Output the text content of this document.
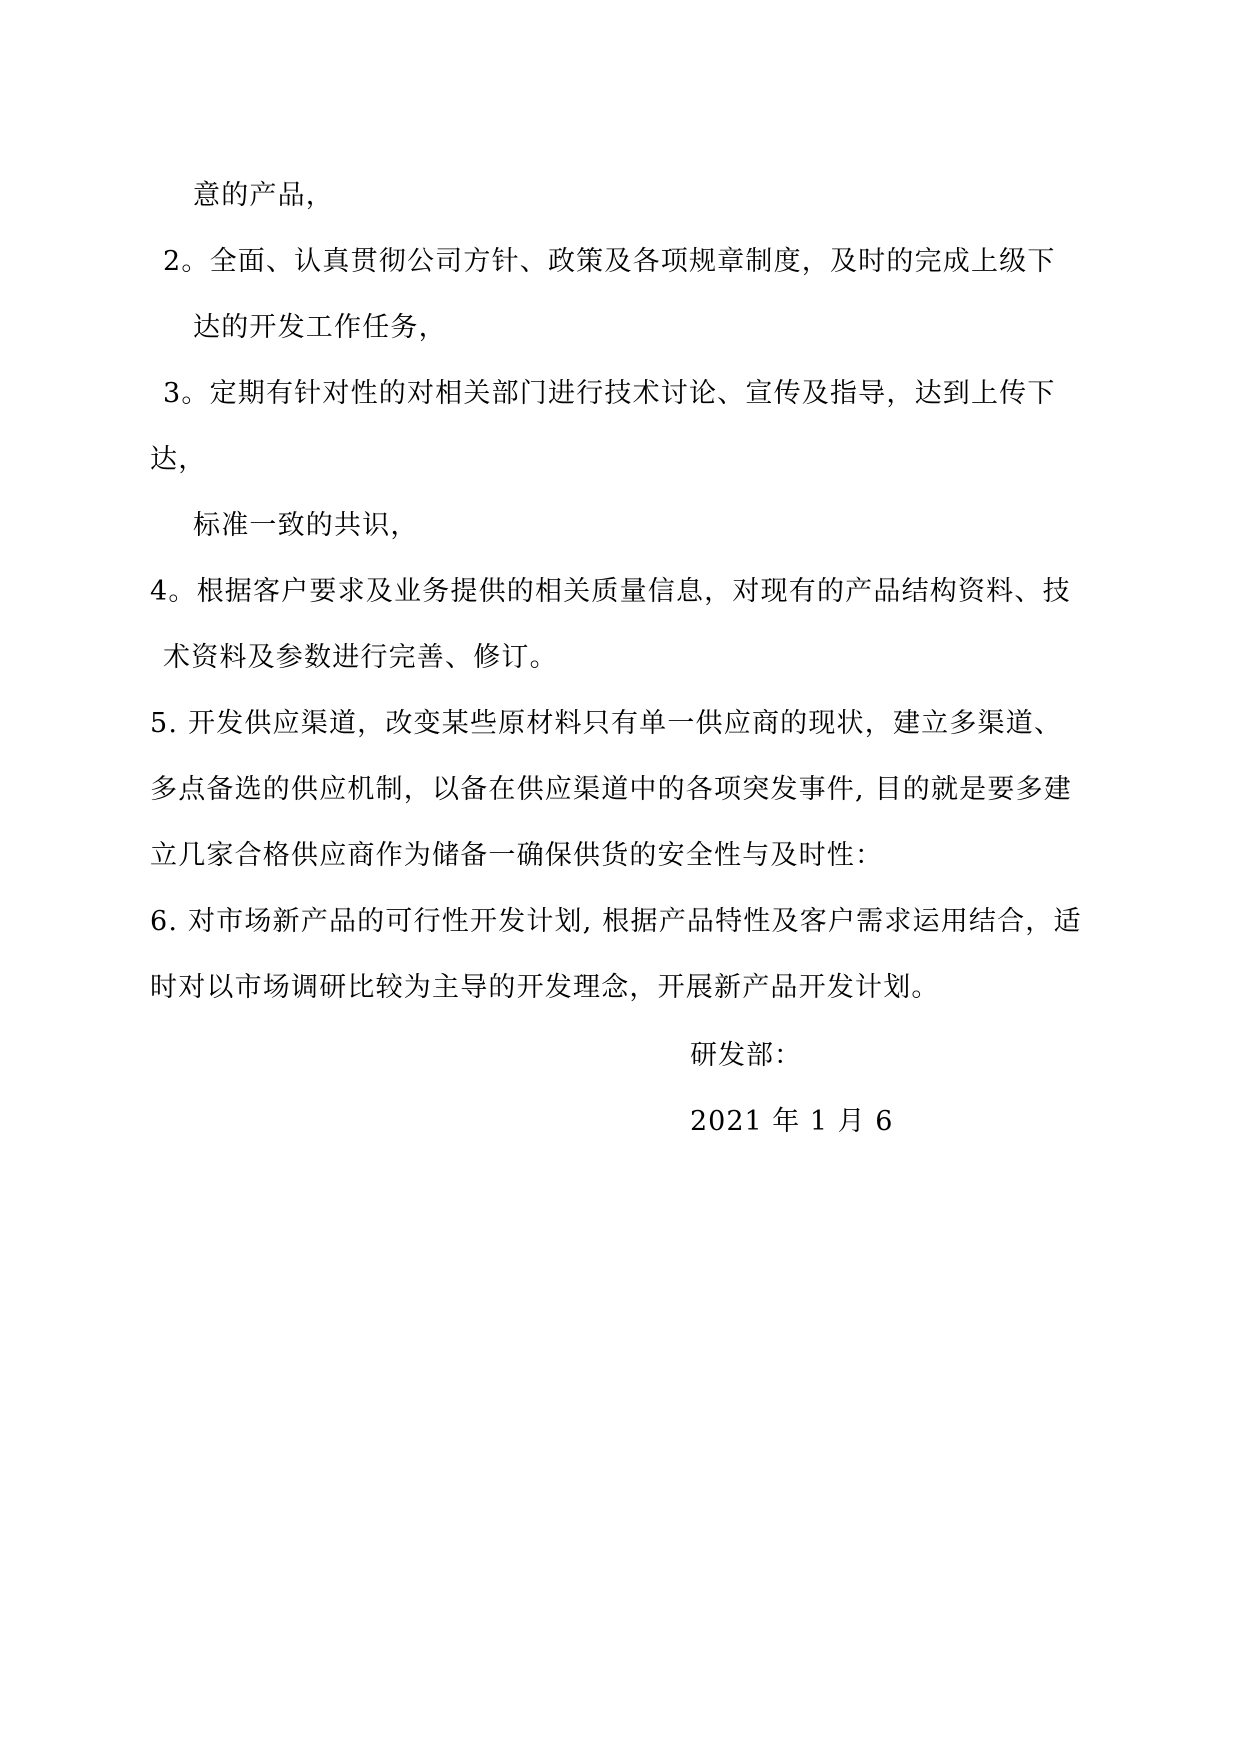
意的产品，
2。全面、认真贯彻公司方针、政策及各项规章制度，及时的完成上级下
达的开发工作任务，
3。定期有针对性的对相关部门进行技术讨论、宣传及指导，达到上传下
达，
标准一致的共识，
4。根据客户要求及业务提供的相关质量信息，对现有的产品结构资料、技
术资料及参数进行完善、修订。
5. 开发供应渠道，改变某些原材料只有单一供应商的现状，建立多渠道、
多点备选的供应机制，以备在供应渠道中的各项突发事件, 目的就是要多建
立几家合格供应商作为储备一确保供货的安全性与及时性：
6. 对市场新产品的可行性开发计划, 根据产品特性及客户需求运用结合，适
时对以市场调研比较为主导的开发理念，开展新产品开发计划。
研发部：
2021 年 1 月 6
